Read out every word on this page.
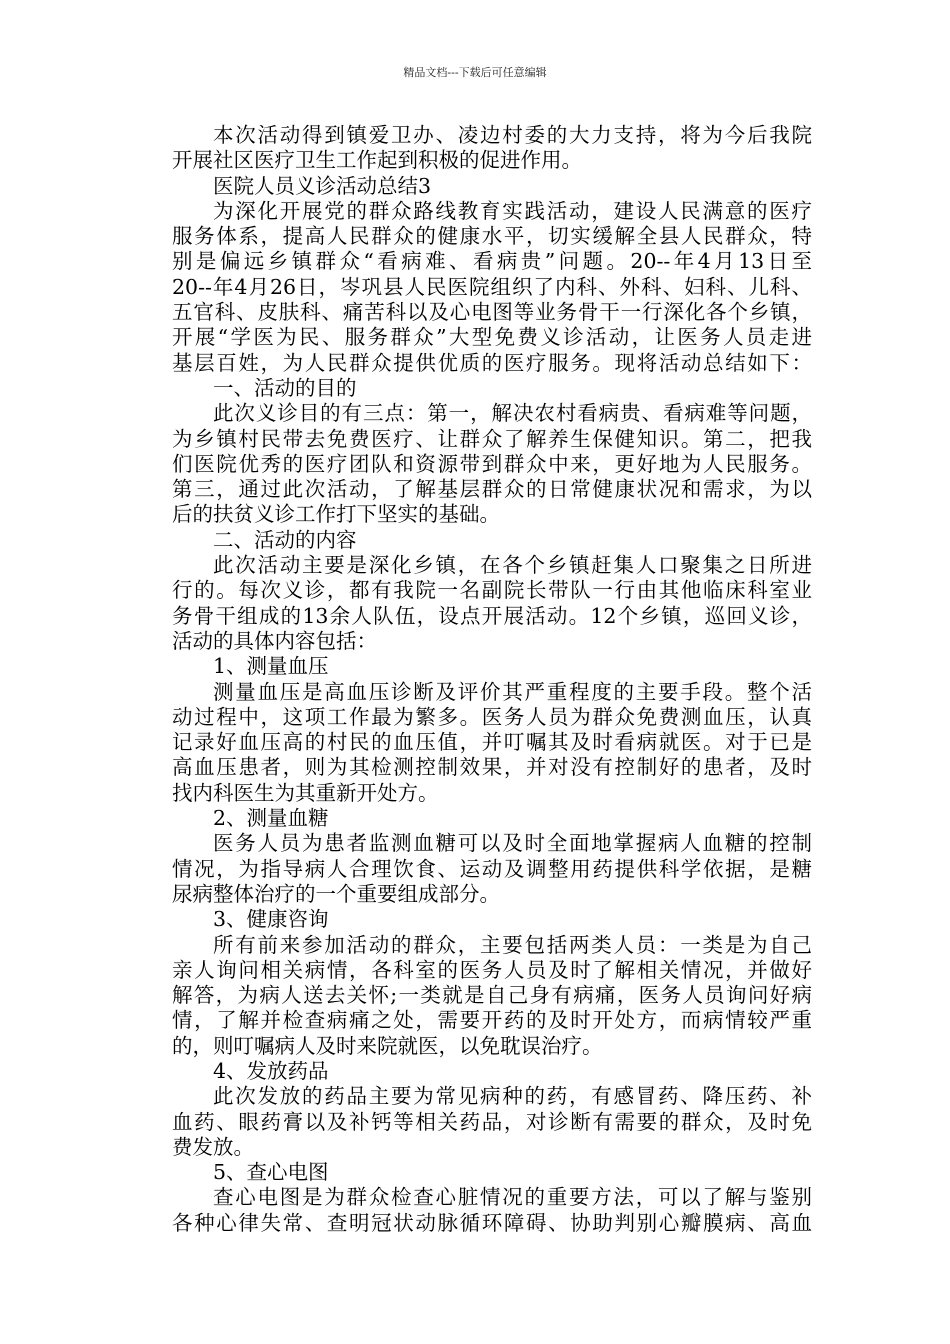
精品文档---下载后可任意编辑
本次活动得到镇爱卫办、凌边村委的大力支持，将为今后我院
开展社区医疗卫生工作起到积极的促进作用。
医院人员义诊活动总结3
为深化开展党的群众路线教育实践活动，建设人民满意的医疗
服务体系，提高人民群众的健康水平，切实缓解全县人民群众，特
别是偏远乡镇群众“看病难、看病贵”问题。20--年4月13日至
20--年4月26日，岑巩县人民医院组织了内科、外科、妇科、儿科、
五官科、皮肤科、痛苦科以及心电图等业务骨干一行深化各个乡镇，
开展“学医为民、服务群众”大型免费义诊活动，让医务人员走进
基层百姓，为人民群众提供优质的医疗服务。现将活动总结如下：
一、活动的目的
此次义诊目的有三点：第一，解决农村看病贵、看病难等问题，
为乡镇村民带去免费医疗、让群众了解养生保健知识。第二，把我
们医院优秀的医疗团队和资源带到群众中来，更好地为人民服务。
第三，通过此次活动，了解基层群众的日常健康状况和需求，为以
后的扶贫义诊工作打下坚实的基础。
二、活动的内容
此次活动主要是深化乡镇，在各个乡镇赶集人口聚集之日所进
行的。每次义诊，都有我院一名副院长带队一行由其他临床科室业
务骨干组成的13余人队伍，设点开展活动。12个乡镇，巡回义诊，
活动的具体内容包括：
1、测量血压
测量血压是高血压诊断及评价其严重程度的主要手段。整个活
动过程中，这项工作最为繁多。医务人员为群众免费测血压，认真
记录好血压高的村民的血压值，并叮嘱其及时看病就医。对于已是
高血压患者，则为其检测控制效果，并对没有控制好的患者，及时
找内科医生为其重新开处方。
2、测量血糖
医务人员为患者监测血糖可以及时全面地掌握病人血糖的控制
情况，为指导病人合理饮食、运动及调整用药提供科学依据，是糖
尿病整体治疗的一个重要组成部分。
3、健康咨询
所有前来参加活动的群众，主要包括两类人员：一类是为自己
亲人询问相关病情，各科室的医务人员及时了解相关情况，并做好
解答，为病人送去关怀;一类就是自己身有病痛，医务人员询问好病
情，了解并检查病痛之处，需要开药的及时开处方，而病情较严重
的，则叮嘱病人及时来院就医，以免耽误治疗。
4、发放药品
此次发放的药品主要为常见病种的药，有感冒药、降压药、补
血药、眼药膏以及补钙等相关药品，对诊断有需要的群众，及时免
费发放。
5、查心电图
查心电图是为群众检查心脏情况的重要方法，可以了解与鉴别
各种心律失常、查明冠状动脉循环障碍、协助判别心瓣膜病、高血
